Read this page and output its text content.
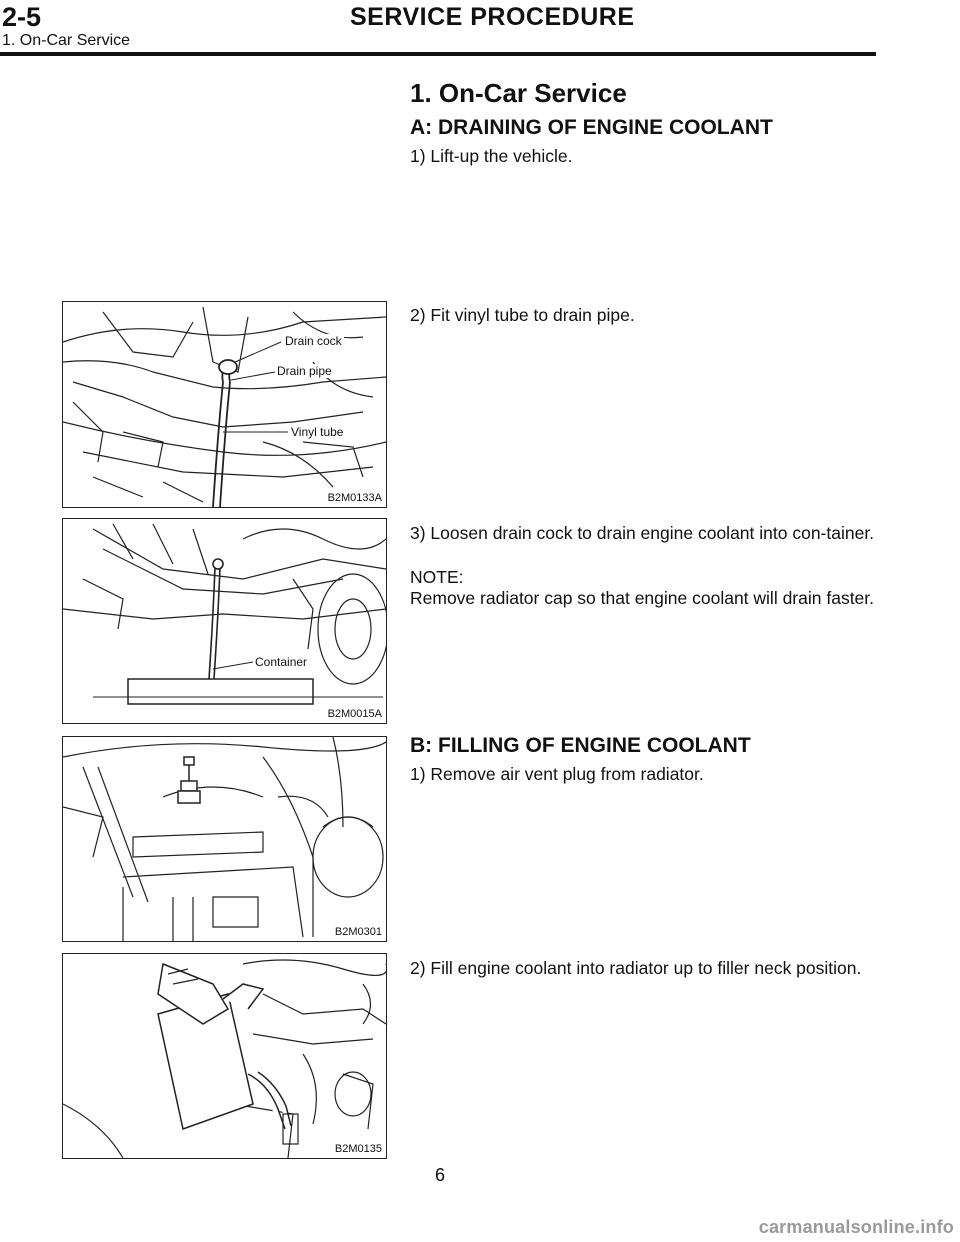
2-5	SERVICE PROCEDURE
1. On-Car Service
1. On-Car Service
A: DRAINING OF ENGINE COOLANT
1) Lift-up the vehicle.
2) Fit vinyl tube to drain pipe.
3) Loosen drain cock to drain engine coolant into con-tainer.
NOTE:
Remove radiator cap so that engine coolant will drain faster.
B: FILLING OF ENGINE COOLANT
1) Remove air vent plug from radiator.
2) Fill engine coolant into radiator up to filler neck position.
Drain cock
Drain pipe
Vinyl tube
B2M0133A
Container
B2M0015A
B2M0301
B2M0135
6
carmanualsonline.info
